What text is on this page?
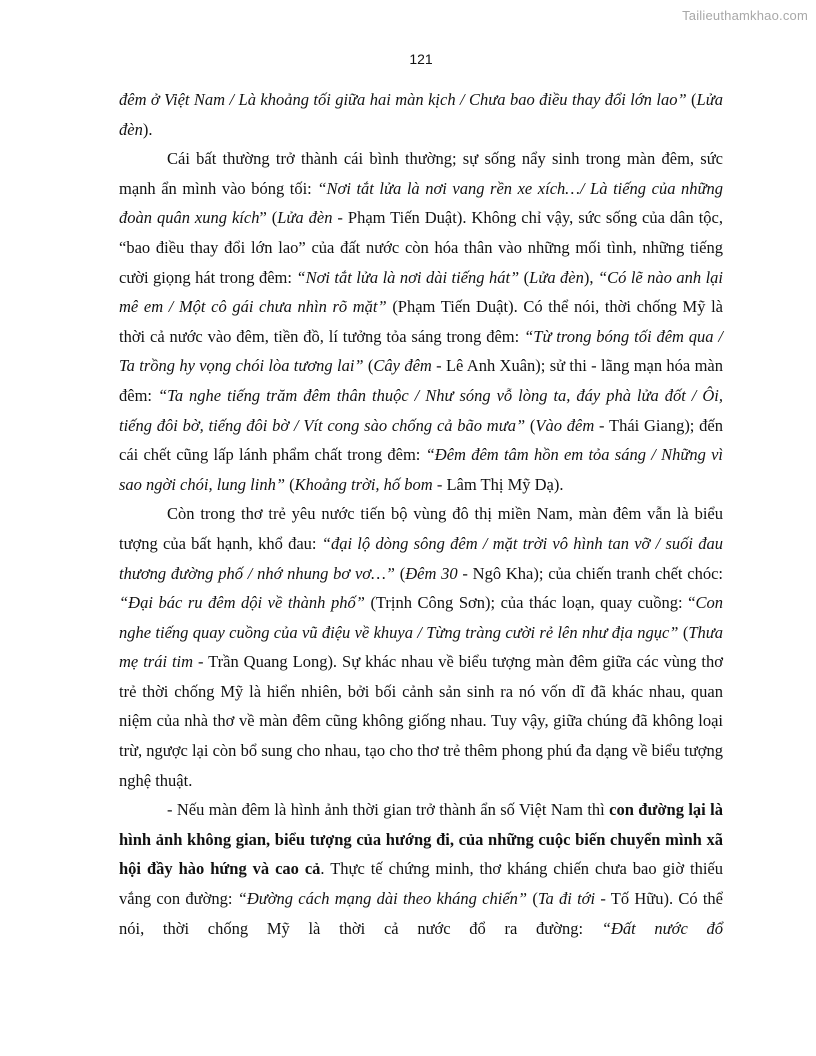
Tailieuthamkhao.com
121

đêm ở Việt Nam / Là khoảng tối giữa hai màn kịch / Chưa bao điều thay đổi lớn lao” (Lửa đèn).

Cái bất thường trở thành cái bình thường; sự sống nẩy sinh trong màn đêm, sức mạnh ẩn mình vào bóng tối: “Nơi tắt lửa là nơi vang rền xe xích…/ Là tiếng của những đoàn quân xung kích” (Lửa đèn - Phạm Tiến Duật). Không chỉ vậy, sức sống của dân tộc, “bao điều thay đổi lớn lao” của đất nước còn hóa thân vào những mối tình, những tiếng cười giọng hát trong đêm: “Nơi tắt lửa là nơi dài tiếng hát” (Lửa đèn), “Có lẽ nào anh lại mê em / Một cô gái chưa nhìn rõ mặt” (Phạm Tiến Duật). Có thể nói, thời chống Mỹ là thời cả nước vào đêm, tiền đồ, lí tưởng tỏa sáng trong đêm: “Từ trong bóng tối đêm qua / Ta trồng hy vọng chói lòa tương lai” (Cây đêm - Lê Anh Xuân); sử thi - lãng mạn hóa màn đêm: “Ta nghe tiếng trăm đêm thân thuộc / Như sóng vỗ lòng ta, đáy phà lửa đốt / Ôi, tiếng đôi bờ, tiếng đôi bờ / Vít cong sào chống cả bão mưa” (Vào đêm - Thái Giang); đến cái chết cũng lấp lánh phẩm chất trong đêm: “Đêm đêm tâm hồn em tỏa sáng / Những vì sao ngời chói, lung linh” (Khoảng trời, hố bom - Lâm Thị Mỹ Dạ).

Còn trong thơ trẻ yêu nước tiến bộ vùng đô thị miền Nam, màn đêm vẫn là biểu tượng của bất hạnh, khổ đau: “đại lộ dòng sông đêm / mặt trời vô hình tan vỡ / suối đau thương đường phố / nhớ nhung bơ vơ…” (Đêm 30 - Ngô Kha); của chiến tranh chết chóc: “Đại bác ru đêm dội về thành phố” (Trịnh Công Sơn); của thác loạn, quay cuồng: “Con nghe tiếng quay cuồng của vũ điệu về khuya / Từng tràng cười rẻ lên như địa ngục” (Thưa mẹ trái tim - Trần Quang Long). Sự khác nhau về biểu tượng màn đêm giữa các vùng thơ trẻ thời chống Mỹ là hiển nhiên, bởi bối cảnh sản sinh ra nó vốn dĩ đã khác nhau, quan niệm của nhà thơ về màn đêm cũng không giống nhau. Tuy vậy, giữa chúng đã không loại trừ, ngược lại còn bổ sung cho nhau, tạo cho thơ trẻ thêm phong phú đa dạng về biểu tượng nghệ thuật.

- Nếu màn đêm là hình ảnh thời gian trở thành ẩn số Việt Nam thì con đường lại là hình ảnh không gian, biểu tượng của hướng đi, của những cuộc biến chuyển mình xã hội đầy hào hứng và cao cả. Thực tế chứng minh, thơ kháng chiến chưa bao giờ thiếu vắng con đường: “Đường cách mạng dài theo kháng chiến” (Ta đi tới - Tố Hữu). Có thể nói, thời chống Mỹ là thời cả nước đổ ra đường: “Đất nước đổ
